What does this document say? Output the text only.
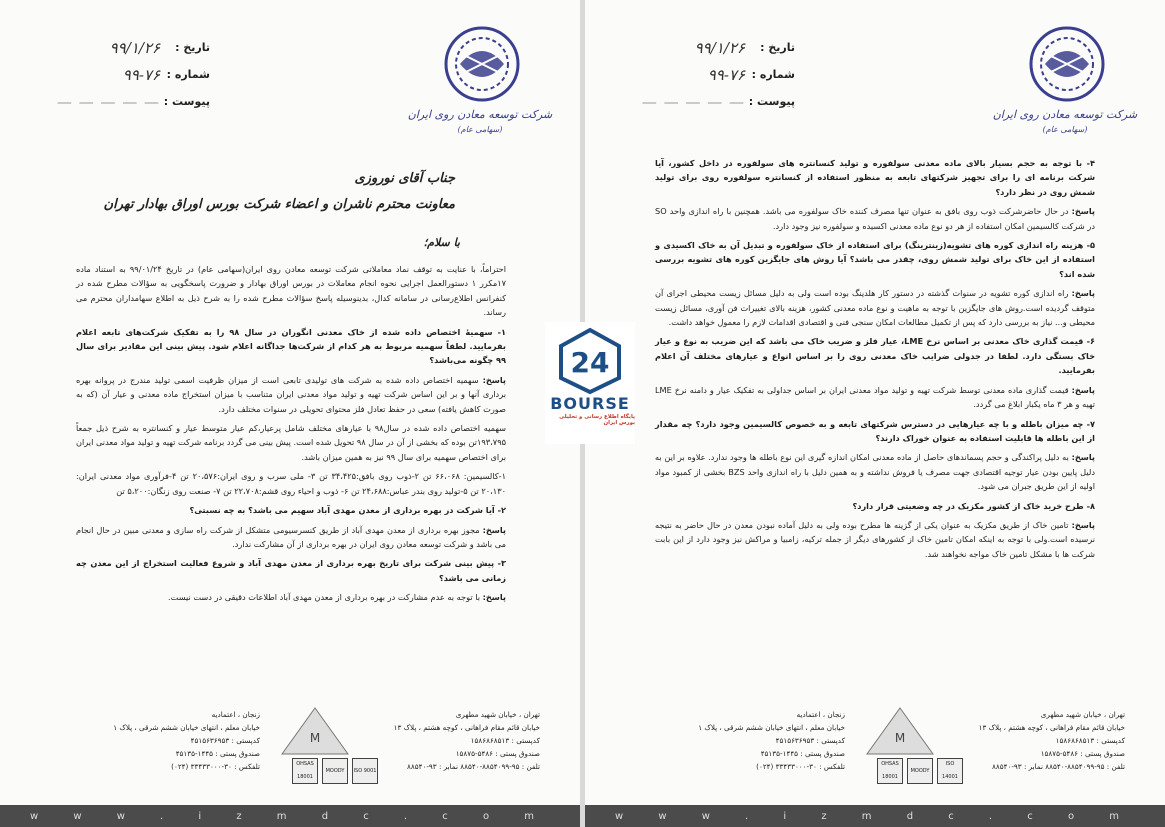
شرکت توسعه معادن روی ایران
(سهامی عام)
تاریخ :
۹۹/۱/۲۶
شماره :
۹۹-۷۶
پیوست :
— — — — —
جناب آقای نوروزی
معاونت محترم ناشران و اعضاء شرکت بورس اوراق بهادار تهران
با سلام؛

احتراماً، با عنایت به توقف نماد معاملاتی شرکت توسعه معادن روی ایران(سهامی عام) در تاریخ ۹۹/۰۱/۲۴ به استناد ماده ۱۷مکرر ۱ دستورالعمل اجرایی نحوه انجام معاملات در بورس اوراق بهادار و ضرورت پاسخگویی به سؤالات مطرح شده در کنفرانس اطلاع‌رسانی در سامانه کدال، بدینوسیله پاسخ سؤالات مطرح شده را به شرح ذیل به اطلاع سهامداران محترم می رساند.

۱- سهمیۀ اختصاص داده شده از خاک معدنی انگوران در سال ۹۸ را به تفکیک شرکت‌های تابعه اعلام بفرمایید. لطفاً سهمیه مربوط به هر کدام از شرکت‌ها جداگانه اعلام شود. پیش بینی این مقادیر برای سال ۹۹ چگونه می‌باشد؟

پاسخ: سهمیه اختصاص داده شده به شرکت های تولیدی تابعی است از میزان ظرفیت اسمی تولید مندرج در پروانه بهره برداری آنها و بر این اساس شرکت تهیه و تولید مواد معدنی ایران متناسب با میزان استخراج ماده معدنی و عیار آن (که به صورت کاهش یافته) سعی در حفظ تعادل فلز محتوای تحویلی در سنوات مختلف دارد.

سهمیه اختصاص داده شده در سال۹۸ با عیارهای مختلف شامل پرعیار،کم عیار متوسط عیار و کنسانتره به شرح ذیل جمعاً ۱۹۳،۷۹۵تن بوده که بخشی از آن در سال ۹۸ تحویل شده است. پیش بینی می گردد برنامه شرکت تهیه و تولید مواد معدنی ایران برای اختصاص سهمیه برای سال ۹۹ نیز به همین میزان باشد.

۱-کالسیمین: ۶۶،۰۶۸ تن ۲-ذوب روی بافق:۳۴،۴۲۵ تن ۳- ملی سرب و روی ایران:۲۰،۵۷۶ تن ۴-فرآوری مواد معدنی ایران: ۲۰،۱۳۰ تن ۵-تولید روی بندر عباس:۲۴،۶۸۸ تن ۶- ذوب و احیاء روی قشم:۲۲،۷۰۸ تن ۷- صنعت روی زنگان:۵،۲۰۰ تن

۲- آیا شرکت در بهره برداری از معدن مهدی آباد سهیم می باشد؟ به چه نسبتی؟

پاسخ: مجوز بهره برداری از معدن مهدی آباد از طریق کنسرسیومی متشکل از شرکت راه سازی و معدنی مبین در حال انجام می باشد و شرکت توسعه معادن روی ایران در بهره برداری از آن مشارکت ندارد.

۳- پیش بینی شرکت برای تاریخ بهره برداری از معدن مهدی آباد و شروع فعالیت استخراج از این معدن چه زمانی می باشد؟

پاسخ: با توجه به عدم مشارکت در بهره برداری از معدن مهدی آباد اطلاعات دقیقی در دست نیست.

تهران ، خیابان شهید مطهری
خیابان قائم مقام فراهانی ، کوچه هشتم ، پلاک ۱۳
کدپستی : ۱۵۸۶۸۶۸۵۱۳
صندوق پستی : ۵۴۸۶-۱۵۸۷۵
تلفن : ۹۵-۸۸۵۴۰۹۹-۸۸۵۴۰ نمابر : ۹۳-۸۸۵۴۰
M
زنجان ، اعتمادیه
خیابان معلم ، انتهای خیابان ششم شرقی ، پلاک ۱
کدپستی : ۴۵۱۵۶۳۶۹۵۳
صندوق پستی : ۱۴۴۵-۴۵۱۳۵
تلفکس : ۳۰-۳۳۴۳۳۰۰۰ (۰۲۴)	OHSAS 18001
MOODY	ISO 9001
w w w . i z m d c . c o m
شرکت توسعه معادن روی ایران
(سهامی عام)
تاریخ :
۹۹/۱/۲۶
شماره :
۹۹-۷۶
پیوست :
— — — — —

۴- با توجه به حجم بسیار بالای ماده معدنی سولفوره و تولید کنسانتره های سولفوره در داخل کشور، آیا شرکت برنامه ای را برای تجهیز شرکتهای تابعه به منظور استفاده از کنسانتره سولفوره روی برای تولید شمش روی در نظر دارد؟

پاسخ: در حال حاضرشرکت ذوب روی بافق به عنوان تنها مصرف کننده خاک سولفوره می باشد. همچنین با راه اندازی واحد SO در شرکت کالسیمین امکان استفاده از هر دو نوع ماده معدنی اکسیده و سولفوره نیز وجود دارد.

۵- هزینه راه اندازی کوره های تشویه(زینترینگ) برای استفاده از خاک سولفوره و تبدیل آن به خاک اکسیدی و استفاده از این خاک برای تولید شمش روی، چقدر می باشد؟ آیا روش های جایگزین کوره های تشویه بررسی شده اند؟

پاسخ: راه اندازی کوره تشویه در سنوات گذشته در دستور کار هلدینگ بوده است ولی به دلیل مسائل زیست محیطی اجرای آن متوقف گردیده است.روش های جایگزین با توجه به ماهیت و نوع ماده معدنی کشور، هزینه بالای تغییرات فن آوری، مسائل زیست محیطی و... نیاز به بررسی دارد که پس از تکمیل مطالعات امکان سنجی فنی و اقتصادی اقدامات لازم را معمول خواهد داشت.

۶- قیمت گذاری خاک معدنی بر اساس نرخ LME، عیار فلز و ضریب خاک می باشد که این ضریب به نوع و عیار خاک بستگی دارد. لطفا در جدولی ضرایب خاک معدنی روی را بر اساس انواع و عیارهای مختلف آن اعلام بفرمایید.

پاسخ: قیمت گذاری ماده معدنی توسط شرکت تهیه و تولید مواد معدنی ایران بر اساس جداولی به تفکیک عیار و دامنه نرخ LME تهیه و هر ۳ ماه یکبار ابلاغ می گردد.

۷- چه میزان باطله و با چه عیارهایی در دسترس شرکتهای تابعه و به خصوص کالسیمین وجود دارد؟ چه مقدار از این باطله ها قابلیت استفاده به عنوان خوراک دارند؟

پاسخ: به دلیل پراکندگی و حجم پسماندهای حاصل از ماده معدنی امکان اندازه گیری این نوع باطله ها وجود ندارد. علاوه بر این به دلیل پایین بودن عیار توجیه اقتصادی جهت مصرف یا فروش نداشته و به همین دلیل با راه اندازی واحد BZS بخشی از کمبود مواد اولیه از این طریق جبران می شود.

۸- طرح خرید خاک از کشور مکزیک در چه وضعیتی قرار دارد؟

پاسخ: تامین خاک از طریق مکزیک به عنوان یکی از گزینه ها مطرح بوده ولی به دلیل آماده نبودن معدن در حال حاضر به نتیجه نرسیده است.ولی با توجه به اینکه امکان تامین خاک از کشورهای دیگر از جمله ترکیه، زامبیا و مراکش نیز وجود دارد از این بابت شرکت ها با مشکل تامین خاک مواجه نخواهند شد.

تهران ، خیابان شهید مطهری
خیابان قائم مقام فراهانی ، کوچه هشتم ، پلاک ۱۳
کدپستی : ۱۵۸۶۸۶۸۵۱۳
صندوق پستی : ۵۴۸۶-۱۵۸۷۵
تلفن : ۹۵-۸۸۵۴۰۹۹-۸۸۵۴۰ نمابر : ۹۳-۸۸۵۴۰
M
زنجان ، اعتمادیه
خیابان معلم ، انتهای خیابان ششم شرقی ، پلاک ۱
کدپستی : ۴۵۱۵۶۳۶۹۵۳
صندوق پستی : ۱۴۴۵-۴۵۱۳۵
تلفکس : ۳۰-۳۳۴۳۳۰۰۰ (۰۲۴)	OHSAS 18001
MOODY
ISO 14001
w w w . i z m d c . c o m
24
BOURSE
پایگاه اطلاع رسانی و تحلیلی بورس ایران
